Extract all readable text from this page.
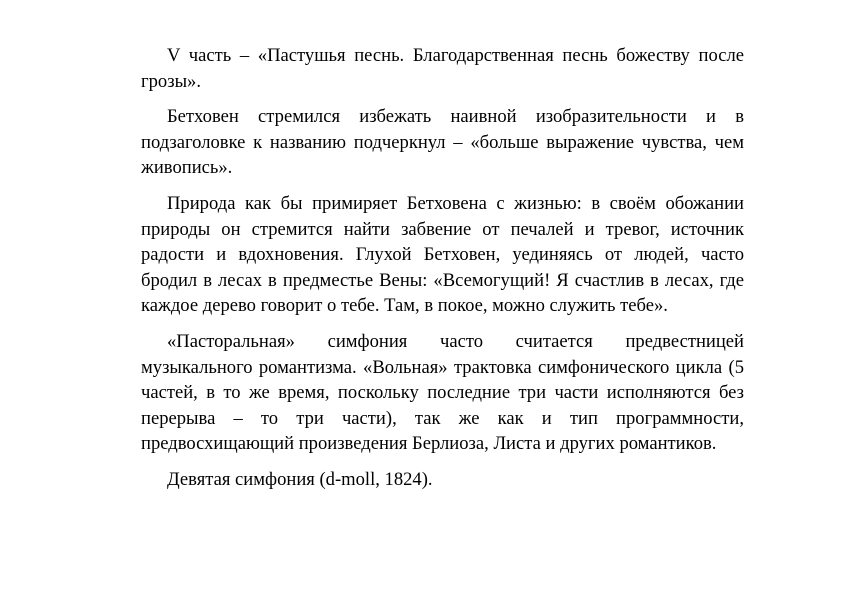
V часть – «Пастушья песнь. Благодарственная песнь божеству после грозы».

Бетховен стремился избежать наивной изобразительности и в подзаголовке к названию подчеркнул – «больше выражение чувства, чем живопись».

Природа как бы примиряет Бетховена с жизнью: в своём обожании природы он стремится найти забвение от печалей и тревог, источник радости и вдохновения. Глухой Бетховен, уединяясь от людей, часто бродил в лесах в предместье Вены: «Всемогущий! Я счастлив в лесах, где каждое дерево говорит о тебе. Там, в покое, можно служить тебе».

«Пасторальная» симфония часто считается предвестницей музыкального романтизма. «Вольная» трактовка симфонического цикла (5 частей, в то же время, поскольку последние три части исполняются без перерыва – то три части), так же как и тип программности, предвосхищающий произведения Берлиоза, Листа и других романтиков.

Девятая симфония (d-moll, 1824).
